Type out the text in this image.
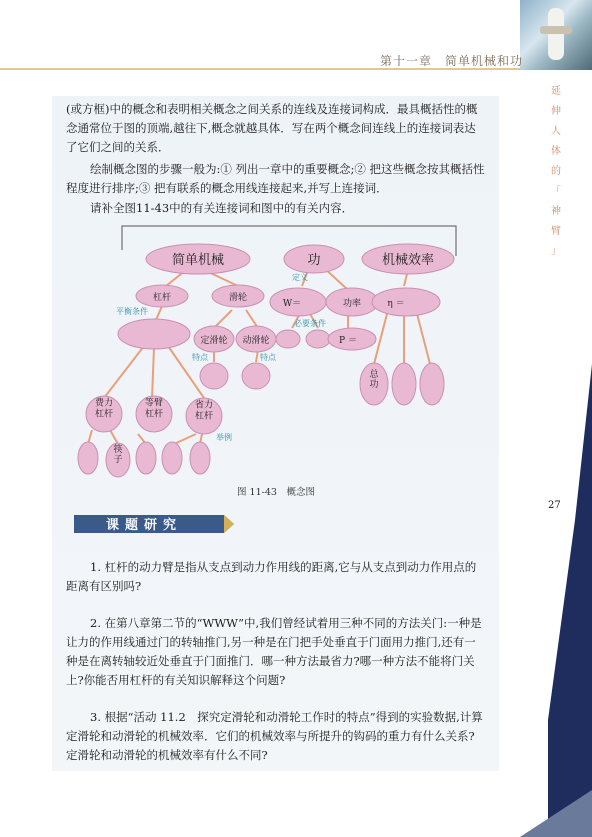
第十一章　简单机械和功
延
伸
人
体
的
「
神
臂
」
27

(或方框)中的概念和表明相关概念之间关系的连线及连接词构成．最具概括性的概念通常位于图的顶端,越往下,概念就越具体．写在两个概念间连线上的连接词表达了它们之间的关系．

绘制概念图的步骤一般为:① 列出一章中的重要概念;② 把这些概念按其概括性程度进行排序;③ 把有联系的概念用线连接起来,并写上连接词．

请补全图11-43中的有关连接词和图中的有关内容．

简单机械	功	机械效率
杠杆	滑轮
W＝	功率	η ＝
定滑轮 动滑轮	P ＝
费力杠杆
等臂杠杆
省力杠杆
筷子
总功
定义
平衡条件
必要条件
特点	特点
举例
图 11-43　概念图
课题研究

1. 杠杆的动力臂是指从支点到动力作用线的距离,它与从支点到动力作用点的距离有区别吗?

2. 在第八章第二节的“WWW”中,我们曾经试着用三种不同的方法关门:一种是让力的作用线通过门的转轴推门,另一种是在门把手处垂直于门面用力推门,还有一种是在离转轴较近处垂直于门面推门．哪一种方法最省力?哪一种方法不能将门关上?你能否用杠杆的有关知识解释这个问题?

3. 根据“活动 11.2　探究定滑轮和动滑轮工作时的特点”得到的实验数据,计算定滑轮和动滑轮的机械效率．它们的机械效率与所提升的钩码的重力有什么关系?定滑轮和动滑轮的机械效率有什么不同?
